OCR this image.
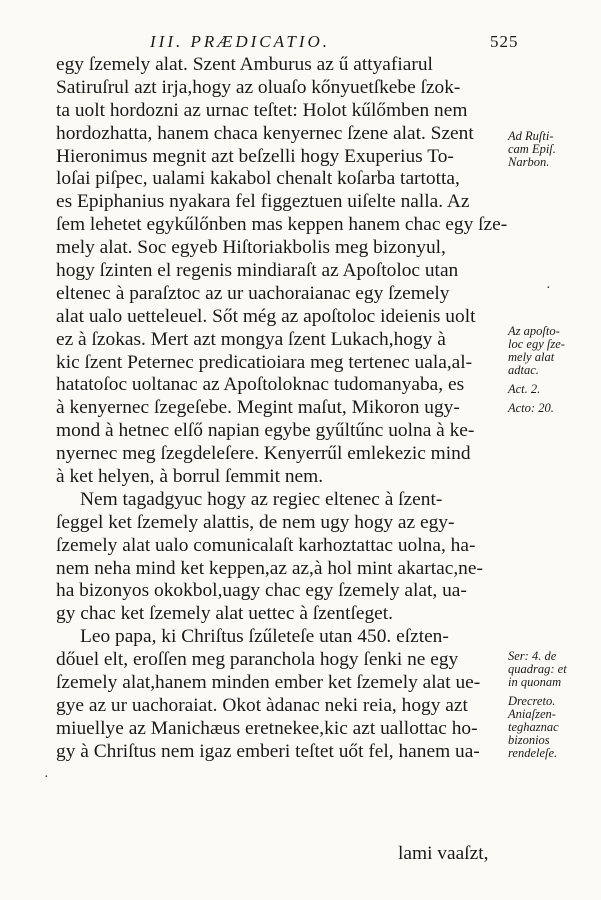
III. PRÆDICATIO.	525
egy ſzemely alat. Szent Amburus az ű attyafiarul
Satiruſrul azt irja,hogy az oluaſo kőnyuetſkebe ſzok-
ta uolt hordozni az urnac teſtet: Holot kűlőmben nem
hordozhatta, hanem chaca kenyernec ſzene alat. Szent
Hieronimus megnit azt beſzelli hogy Exuperius To-
loſai piſpec, ualami kakabol chenalt koſarba tartotta,
es Epiphanius nyakara fel figgeztuen uiſelte nalla. Az
ſem lehetet egykűlőnben mas keppen hanem chac egy ſze-
mely alat. Soc egyeb Hiſtoriakbolis meg bizonyul,
hogy ſzinten el regenis mindiaraſt az Apoſtoloc utan
eltenec à paraſztoc az ur uachoraianac egy ſzemely
alat ualo uetteleuel. Sőt még az apoſtoloc ideienis uolt
ez à ſzokas. Mert azt mongya ſzent Lukach,hogy à
kic ſzent Peternec predicatioiara meg tertenec uala,al-
hatatoſoc uoltanac az Apoſtoloknac tudomanyaba, es
à kenyernec ſzegeſebe. Megint maſut, Mikoron ugy-
mond à hetnec elſő napian egybe gyűltűnc uolna à ke-
nyernec meg ſzegdeleſere. Kenyerrűl emlekezic mind
à ket helyen, à borrul ſemmit nem.
Nem tagadgyuc hogy az regiec eltenec à ſzent-
ſeggel ket ſzemely alattis, de nem ugy hogy az egy-
ſzemely alat ualo comunicalaſt karhoztattac uolna, ha-
nem neha mind ket keppen,az az,à hol mint akartac,ne-
ha bizonyos okokbol,uagy chac egy ſzemely alat, ua-
gy chac ket ſzemely alat uettec à ſzentſeget.
Leo papa, ki Chriſtus ſzűleteſe utan 450. eſzten-
dőuel elt, eroſſen meg paranchola hogy ſenki ne egy
ſzemely alat,hanem minden ember ket ſzemely alat ue-
gye az ur uachoraiat. Okot àdanac neki reia, hogy azt
miuellye az Manichæus eretnekee,kic azt uallottac ho-
gy à Chriſtus nem igaz emberi teſtet uőt fel, hanem ua-
lami vaaſzt,
Ad Ruſti-
cam Epiſ.
Narbon.
Az apoſto-
loc egy ſze-
mely alat
adtac.
Act. 2.
Acto: 20.
Ser: 4. de
quadrag: et
in quonam
Drecreto.
Aniaſzen-
teghaznac
bizonios
rendeleſe.
·
·
